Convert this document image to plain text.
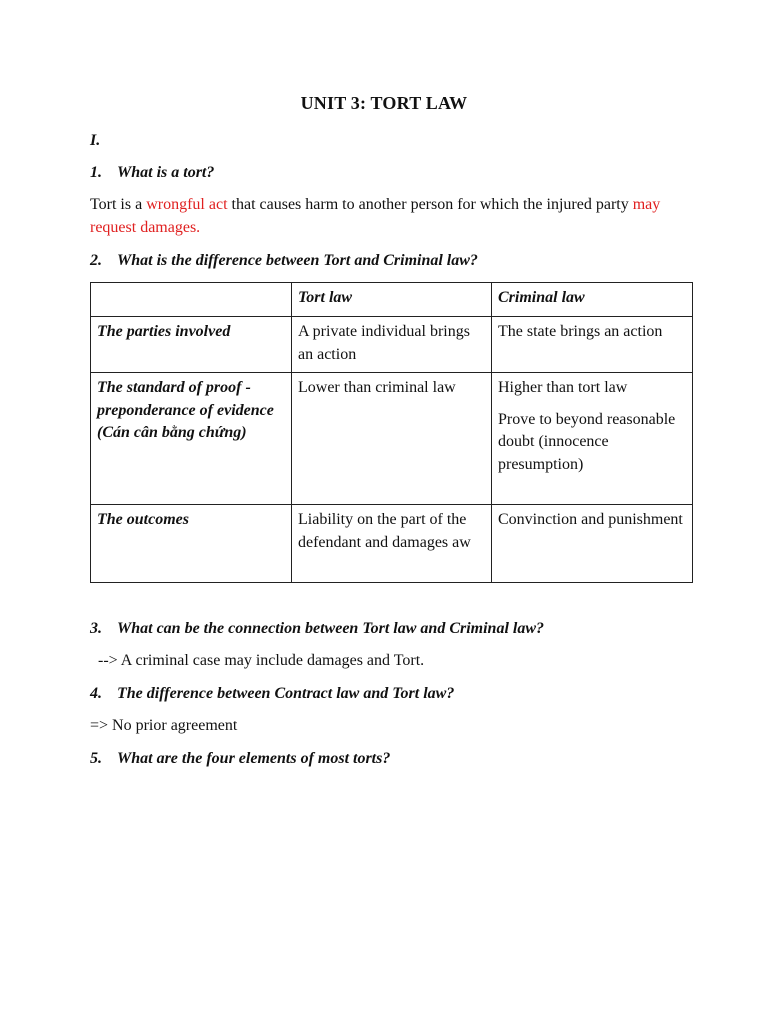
UNIT 3: TORT LAW
I.
1. What is a tort?
Tort is a wrongful act that causes harm to another person for which the injured party may request damages.
2. What is the difference between Tort and Criminal law?
	Tort law	Criminal law
The parties involved	A private individual brings an action	The state brings an action

The standard of proof - preponderance of evidence (Cán cân bằng chứng)	Lower than criminal law	Higher than tort law
Prove to beyond reasonable doubt (innocence presumption)

The outcomes	Liability on the part of the defendant and damages aw	Convinction and punishment
3. What can be the connection between Tort law and Criminal law?
--> A criminal case may include damages and Tort.
4. The difference between Contract law and Tort law?
=> No prior agreement
5. What are the four elements of most torts?
